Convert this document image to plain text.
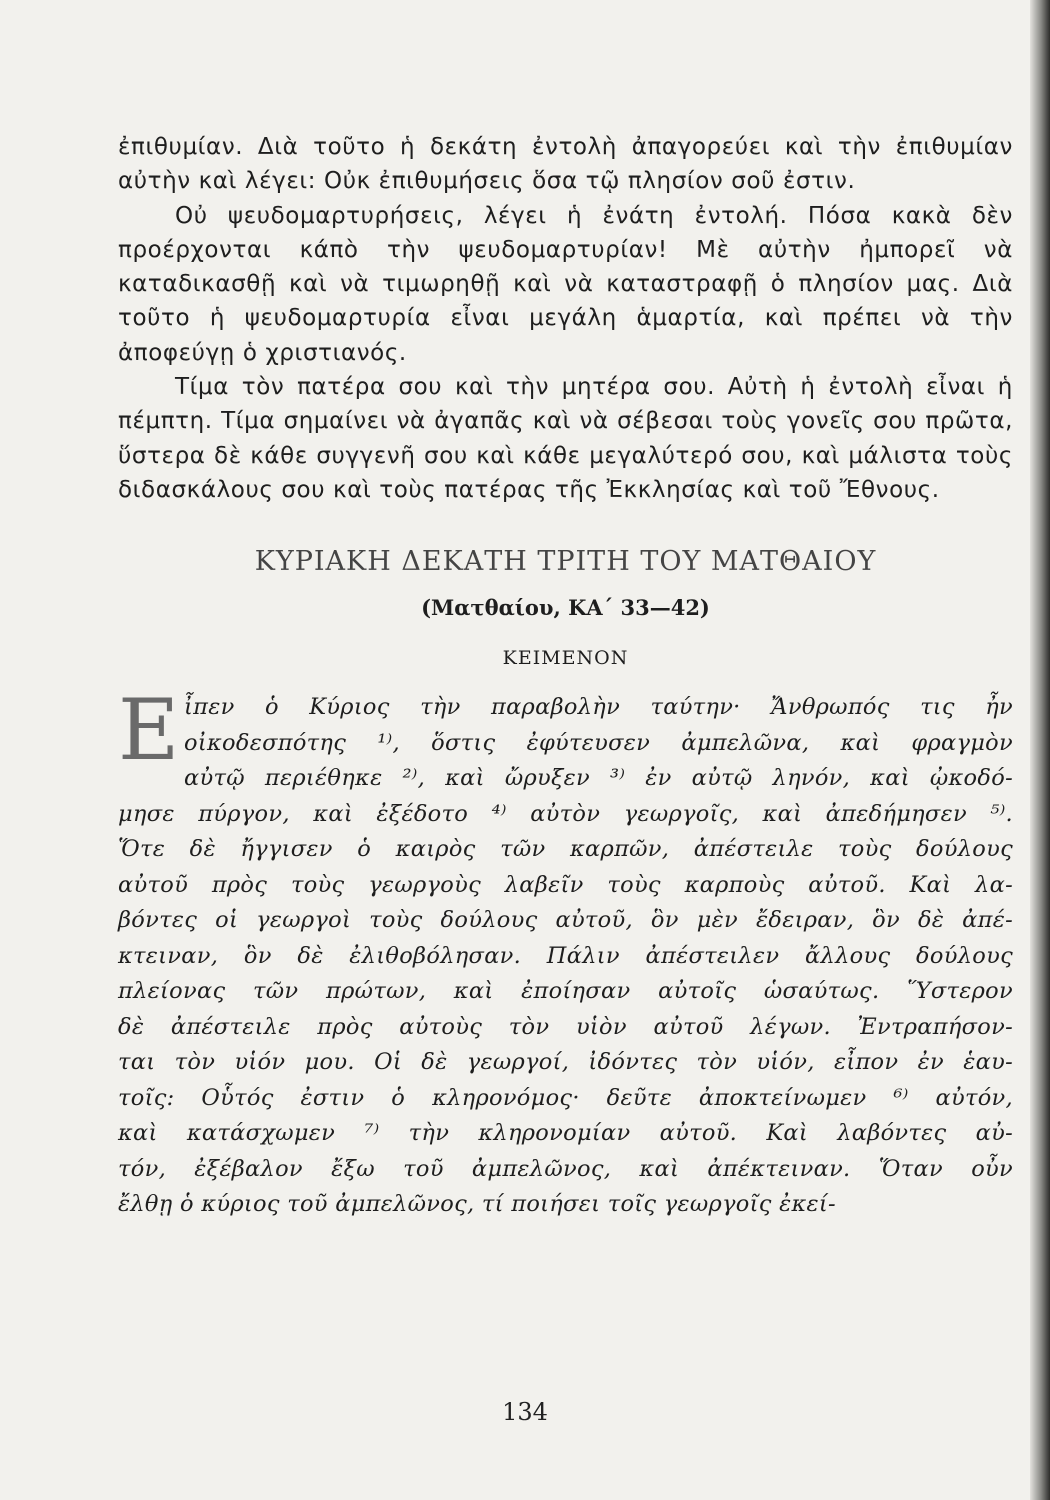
ἐπιθυμίαν. Διὰ τοῦτο ἡ δεκάτη ἐντολὴ ἀπαγορεύει καὶ τὴν ἐπιθυμίαν αὐτὴν καὶ λέγει: Οὐκ ἐπιθυμήσεις ὅσα τῷ πλησίον σοῦ ἐστιν.

Οὐ ψευδομαρτυρήσεις, λέγει ἡ ἐνάτη ἐντολή. Πόσα κακὰ δὲν προέρχονται κάπὸ τὴν ψευδομαρτυρίαν! Μὲ αὐτὴν ἠμπορεῖ νὰ καταδικασθῇ καὶ νὰ τιμωρηθῇ καὶ νὰ καταστραφῇ ὁ πλησίον μας. Διὰ τοῦτο ἡ ψευδομαρτυρία εἶναι μεγάλη ἁμαρτία, καὶ πρέπει νὰ τὴν ἀποφεύγῃ ὁ χριστιανός.

Τίμα τὸν πατέρα σου καὶ τὴν μητέρα σου. Αὐτὴ ἡ ἐντολὴ εἶναι ἡ πέμπτη. Τίμα σημαίνει νὰ ἀγαπᾶς καὶ νὰ σέβεσαι τοὺς γονεῖς σου πρῶτα, ὕστερα δὲ κάθε συγγενῆ σου καὶ κάθε μεγαλύτερό σου, καὶ μάλιστα τοὺς διδασκάλους σου καὶ τοὺς πατέρας τῆς Ἐκκλησίας καὶ τοῦ Ἔθνους.

ΚΥΡΙΑΚΗ ΔΕΚΑΤΗ ΤΡΙΤΗ ΤΟΥ ΜΑΤΘΑΙΟΥ
(Ματθαίου, ΚΑ΄ 33—42)
ΚΕΙΜΕΝΟΝ
Ε ἶπεν ὁ Κύριος τὴν παραβολὴν ταύτην· Ἄνθρωπός τις ἦν

οἰκοδεσπότης ¹⁾, ὅστις ἐφύτευσεν ἀμπελῶνα, καὶ φραγμὸν

αὐτῷ περιέθηκε ²⁾, καὶ ὤρυξεν ³⁾ ἐν αὐτῷ ληνόν, καὶ ᾠκοδό-

μησε πύργον, καὶ ἐξέδοτο ⁴⁾ αὐτὸν γεωργοῖς, καὶ ἀπεδήμησεν ⁵⁾.

Ὅτε δὲ ἤγγισεν ὁ καιρὸς τῶν καρπῶν, ἀπέστειλε τοὺς δούλους

αὐτοῦ πρὸς τοὺς γεωργοὺς λαβεῖν τοὺς καρποὺς αὐτοῦ. Καὶ λα-

βόντες οἱ γεωργοὶ τοὺς δούλους αὐτοῦ, ὃν μὲν ἔδειραν, ὃν δὲ ἀπέ-

κτειναν, ὃν δὲ ἐλιθοβόλησαν. Πάλιν ἀπέστειλεν ἄλλους δούλους

πλείονας τῶν πρώτων, καὶ ἐποίησαν αὐτοῖς ὡσαύτως. Ὕστερον

δὲ ἀπέστειλε πρὸς αὐτοὺς τὸν υἱὸν αὐτοῦ λέγων. Ἐντραπήσον-

ται τὸν υἱόν μου. Οἱ δὲ γεωργοί, ἰδόντες τὸν υἱόν, εἶπον ἐν ἑαυ-

τοῖς: Οὗτός ἐστιν ὁ κληρονόμος· δεῦτε ἀποκτείνωμεν ⁶⁾ αὐτόν,

καὶ κατάσχωμεν ⁷⁾ τὴν κληρονομίαν αὐτοῦ. Καὶ λαβόντες αὐ-

τόν, ἐξέβαλον ἔξω τοῦ ἀμπελῶνος, καὶ ἀπέκτειναν. Ὅταν οὖν

ἔλθῃ ὁ κύριος τοῦ ἀμπελῶνος, τί ποιήσει τοῖς γεωργοῖς ἐκεί-

134
